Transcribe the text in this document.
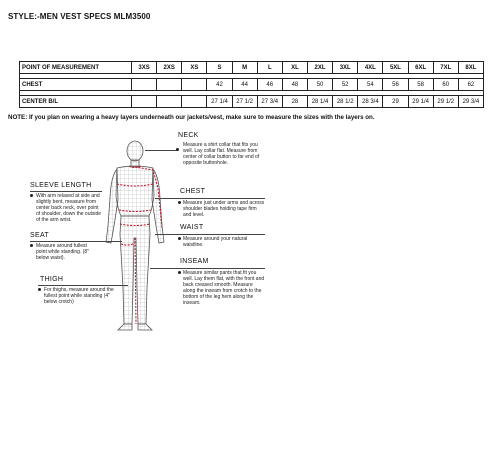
STYLE:-MEN VEST SPECS MLM3500
POINT OF MEASUREMENT	3XS	2XS	XS	S	M	L	XL	2XL	3XL	4XL	5XL	6XL	7XL	8XL

CHEST				42	44	46	48	50	52	54	56	58	60	62

CENTER B/L				27 1/4	27 1/2	27 3/4	28	28 1/4	28 1/2	28 3/4	29	29 1/4	29 1/2	29 3/4
NOTE: If you plan on wearing a heavy layers underneath our jackets/vest, make sure to measure the sizes with the layers on.
NECK
Measure a shirt collar that fits you well. Lay collar flat. Measure from center of collar button to far end of opposite buttonhole.
SLEEVE LENGTH
With arm relaxed at side and slightly bent, measure from center back neck, over point of shoulder, down the outside of the arm wrist.
CHEST
Measure just under arms and across shoulder blades holding tape firm and level.
WAIST
Measure around your natural waistline.
SEAT
Measure around fullest point while standing. (8" below waist).	INSEAM
Measure similar pants that fit you well. Lay them flat, with the front and back creased smooth. Measure along the inseam from crotch to the bottom of the leg hem along the inseam.
THIGH
For thighs, measure around the fullest point while standing (4" below crotch)
